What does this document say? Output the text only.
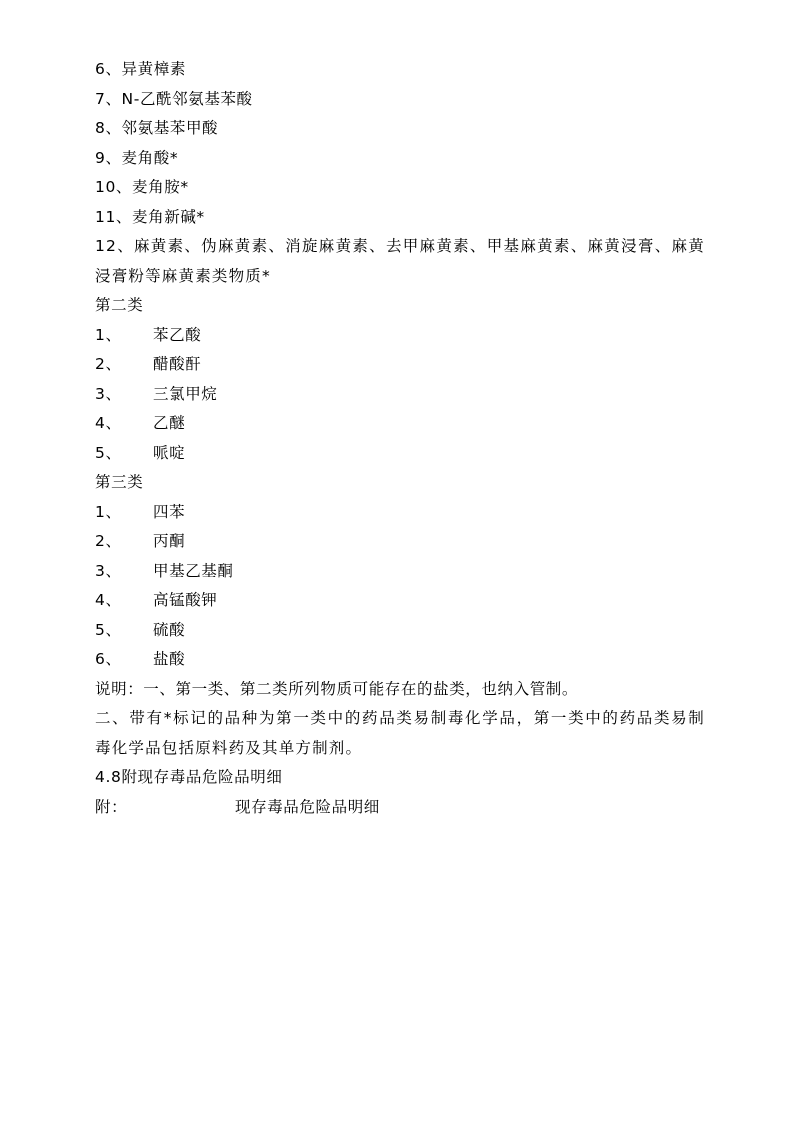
6、异黄樟素
7、N-乙酰邻氨基苯酸
8、邻氨基苯甲酸
9、麦角酸*
10、麦角胺*
11、麦角新碱*
12、麻黄素、伪麻黄素、消旋麻黄素、去甲麻黄素、甲基麻黄素、麻黄浸膏、麻黄浸膏粉等麻黄素类物质*
第二类
1、 苯乙酸
2、 醋酸酐
3、 三氯甲烷
4、 乙醚
5、 哌啶
第三类
1、 四苯
2、 丙酮
3、 甲基乙基酮
4、 高锰酸钾
5、 硫酸
6、 盐酸
说明：一、第一类、第二类所列物质可能存在的盐类，也纳入管制。
二、带有*标记的品种为第一类中的药品类易制毒化学品，第一类中的药品类易制毒化学品包括原料药及其单方制剂。
4.8附现存毒品危险品明细
附：	现存毒品危险品明细
